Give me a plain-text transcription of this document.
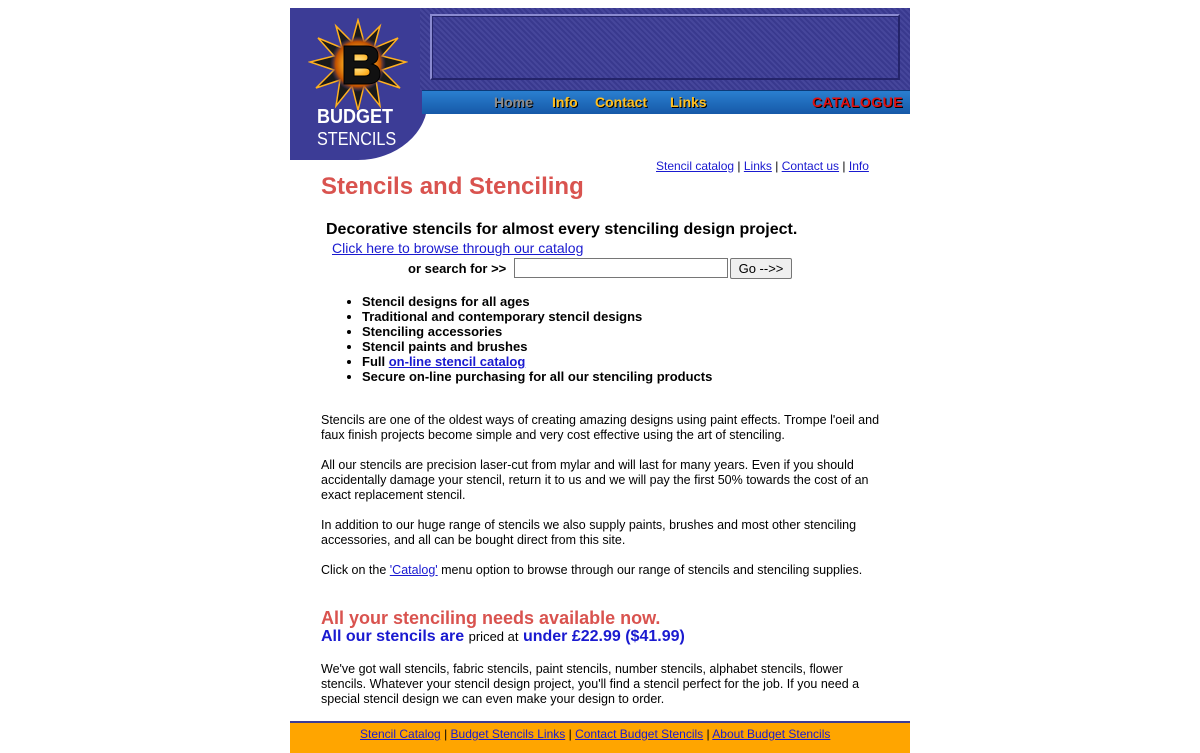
BUDGET
STENCILS
Home Info Contact Links	CATALOGUE
Stencil catalog | Links | Contact us | Info
Stencils and Stenciling

Decorative stencils for almost every stenciling design project.

Click here to browse through our catalog
or search for >>	Go -->>
• Stencil designs for all ages
• Traditional and contemporary stencil designs
• Stenciling accessories
• Stencil paints and brushes
• Full on-line stencil catalog
• Secure on-line purchasing for all our stenciling products

Stencils are one of the oldest ways of creating amazing designs using paint effects. Trompe l'oeil and faux finish projects become simple and very cost effective using the art of stenciling.

All our stencils are precision laser-cut from mylar and will last for many years. Even if you should accidentally damage your stencil, return it to us and we will pay the first 50% towards the cost of an exact replacement stencil.

In addition to our huge range of stencils we also supply paints, brushes and most other stenciling accessories, and all can be bought direct from this site.

Click on the 'Catalog' menu option to browse through our range of stencils and stenciling supplies.

All your stenciling needs available now.
All our stencils are priced at under £22.99 ($41.99)

We've got wall stencils, fabric stencils, paint stencils, number stencils, alphabet stencils, flower stencils. Whatever your stencil design project, you'll find a stencil perfect for the job. If you need a special stencil design we can even make your design to order.

Stencil Catalog | Budget Stencils Links | Contact Budget Stencils | About Budget Stencils
